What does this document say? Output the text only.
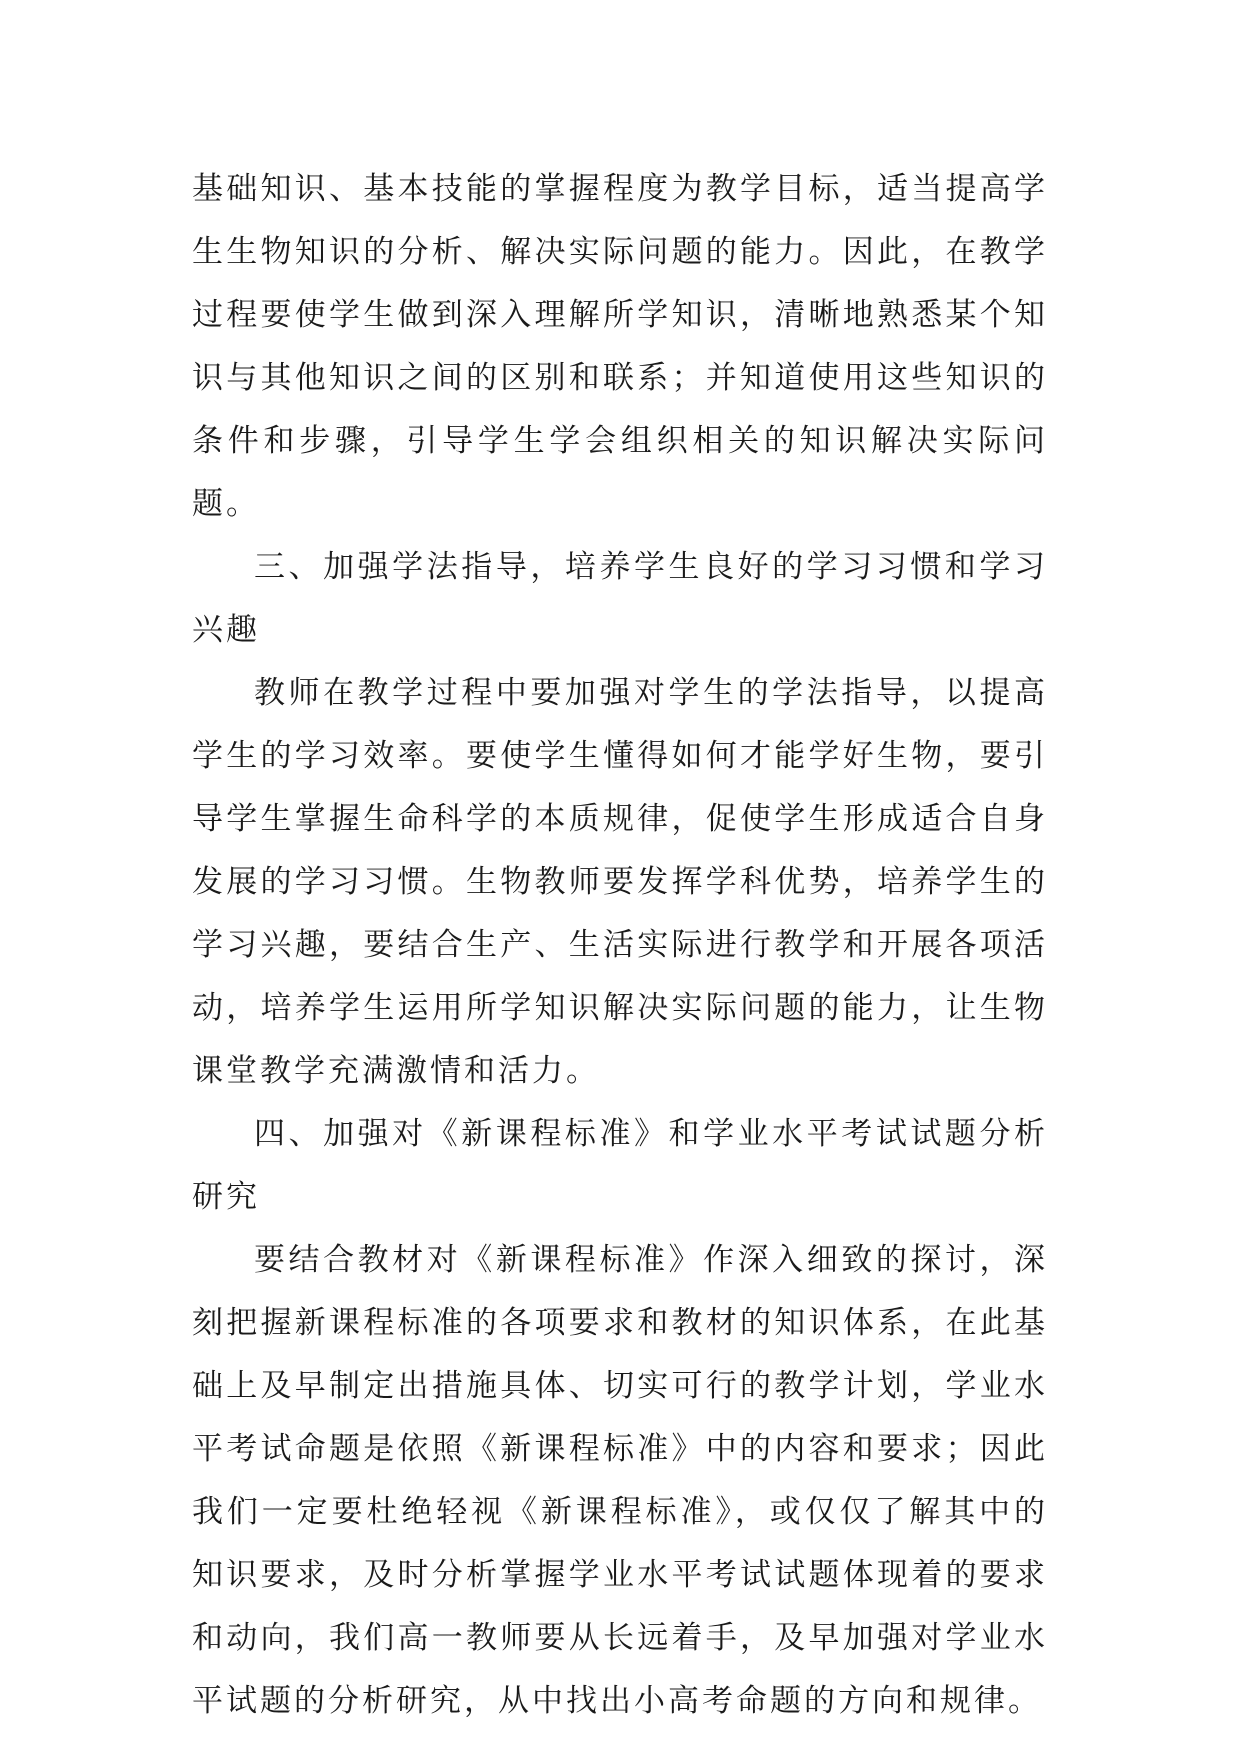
基础知识、基本技能的掌握程度为教学目标，适当提高学生生物知识的分析、解决实际问题的能力。因此，在教学过程要使学生做到深入理解所学知识，清晰地熟悉某个知识与其他知识之间的区别和联系；并知道使用这些知识的条件和步骤，引导学生学会组织相关的知识解决实际问题。

三、加强学法指导，培养学生良好的学习习惯和学习兴趣

教师在教学过程中要加强对学生的学法指导，以提高学生的学习效率。要使学生懂得如何才能学好生物，要引导学生掌握生命科学的本质规律，促使学生形成适合自身发展的学习习惯。生物教师要发挥学科优势，培养学生的学习兴趣，要结合生产、生活实际进行教学和开展各项活动，培养学生运用所学知识解决实际问题的能力，让生物课堂教学充满激情和活力。

四、加强对《新课程标准》和学业水平考试试题分析研究

要结合教材对《新课程标准》作深入细致的探讨，深刻把握新课程标准的各项要求和教材的知识体系，在此基础上及早制定出措施具体、切实可行的教学计划，学业水平考试命题是依照《新课程标准》中的内容和要求；因此我们一定要杜绝轻视《新课程标准》，或仅仅了解其中的知识要求，及时分析掌握学业水平考试试题体现着的要求和动向，我们高一教师要从长远着手，及早加强对学业水平试题的分析研究，从中找出小高考命题的方向和规律。
